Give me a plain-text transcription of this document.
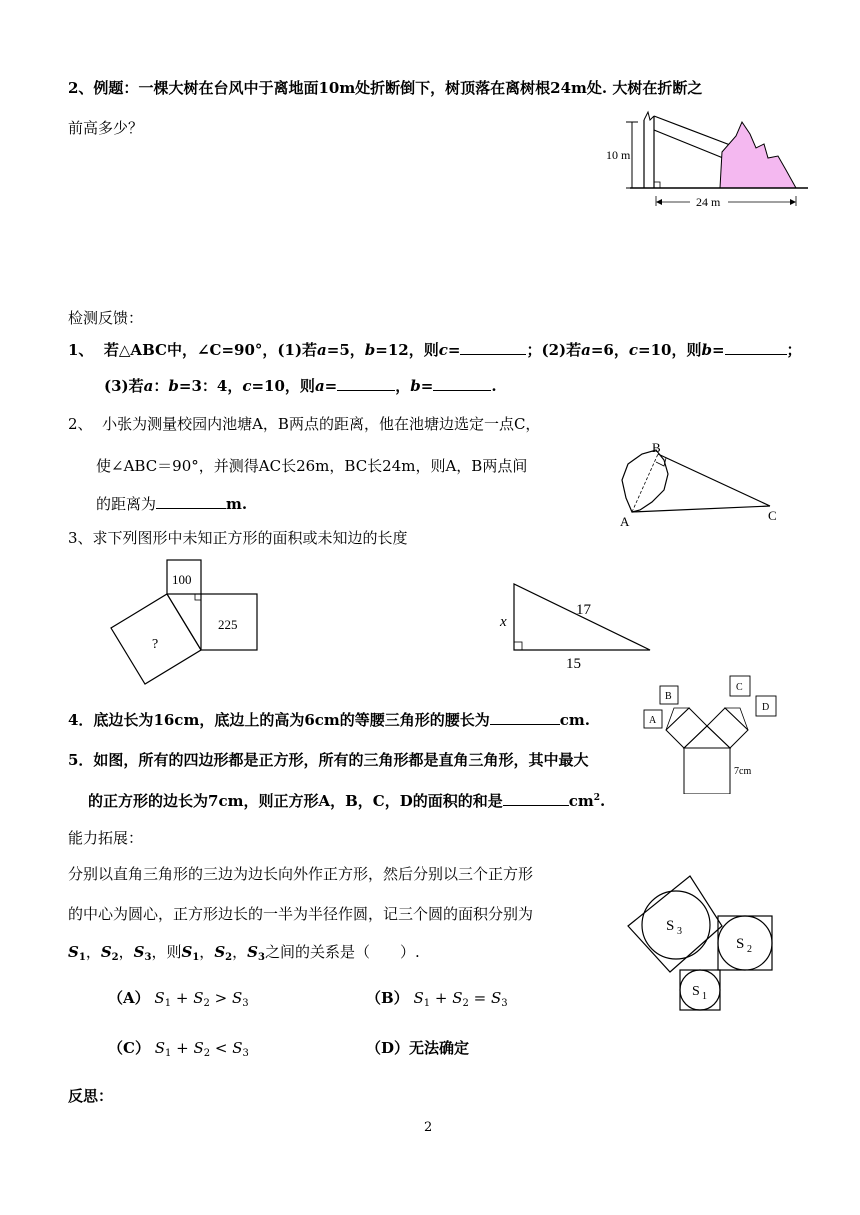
2、例题：一棵大树在台风中于离地面10m处折断倒下，树顶落在离树根24m处. 大树在折断之
前高多少？
10 m
24 m
检测反馈：
1、 若△ABC中，∠C=90°，(1)若a=5，b=12，则c=	；(2)若a=6，c=10，则b=	；
(3)若a：b=3：4，c=10，则a=	，b=	.
2、 小张为测量校园内池塘A，B两点的距离，他在池塘边选定一点C，
使∠ABC＝90°，并测得AC长26m，BC长24m，则A，B两点间
的距离为	m.
B
A	C
3、求下列图形中未知正方形的面积或未知边的长度
100
225
?
x
17
15
4．底边长为16cm，底边上的高为6cm的等腰三角形的腰长为	cm.
5．如图，所有的四边形都是正方形，所有的三角形都是直角三角形，其中最大
的正方形的边长为7cm，则正方形A，B，C，D的面积的和是	$cm^2$.
A
B
C
D
7cm
能力拓展：
分别以直角三角形的三边为边长向外作正方形，然后分别以三个正方形
的中心为圆心，正方形边长的一半为半径作圆，记三个圆的面积分别为
$S_1$，$S_2$，$S_3$，则$S_1$，$S_2$，$S_3$之间的关系是（　　）.
（A） $S_1 + S_2 > S_3$	（B） $S_1 + S_2 = S_3$
（C） $S_1 + S_2 < S_3$	（D）无法确定
S 3
S 2
S 1
反思：
2
